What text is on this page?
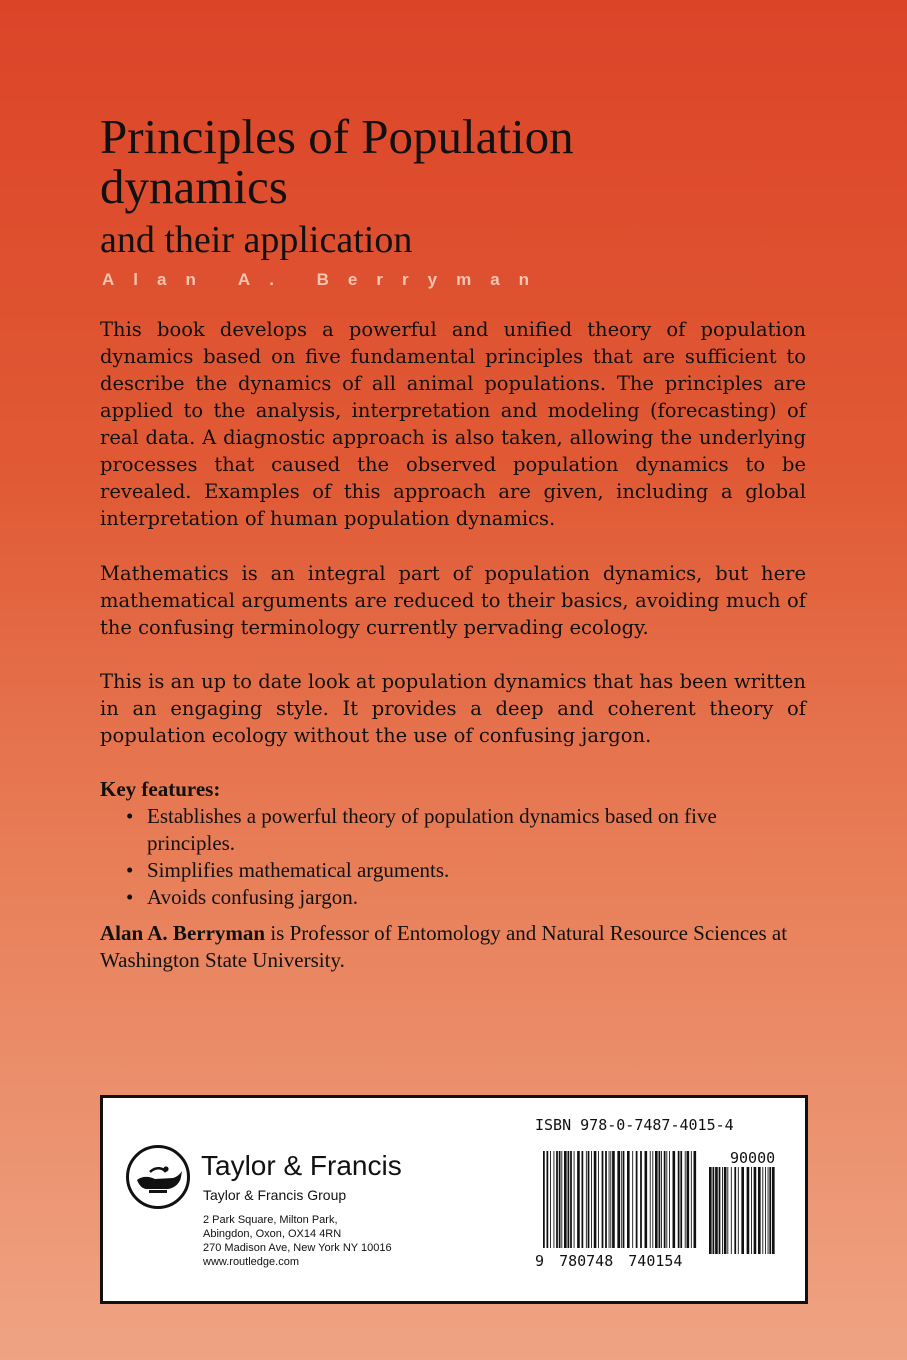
Principles of Population
dynamics
and their application
Alan A. Berryman

This book develops a powerful and unified theory of population dynamics based on five fundamental principles that are sufficient to describe the dynamics of all animal populations. The principles are applied to the analysis, interpretation and modeling (forecasting) of real data. A diagnostic approach is also taken, allowing the underlying processes that caused the observed population dynamics to be revealed. Examples of this approach are given, including a global interpretation of human population dynamics.

Mathematics is an integral part of population dynamics, but here mathematical arguments are reduced to their basics, avoiding much of the confusing terminology currently pervading ecology.

This is an up to date look at population dynamics that has been written in an engaging style. It provides a deep and coherent theory of population ecology without the use of confusing jargon.

Key features:
• Establishes a powerful theory of population dynamics based on five principles.
• Simplifies mathematical arguments.
• Avoids confusing jargon.
Alan A. Berryman is Professor of Entomology and Natural Resource Sciences at Washington State University.
Taylor & Francis
Taylor & Francis Group
2 Park Square, Milton Park,
Abingdon, Oxon, OX14 4RN
270 Madison Ave, New York NY 10016
www.routledge.com
ISBN 978-0-7487-4015-4
90000
9 780748 740154
